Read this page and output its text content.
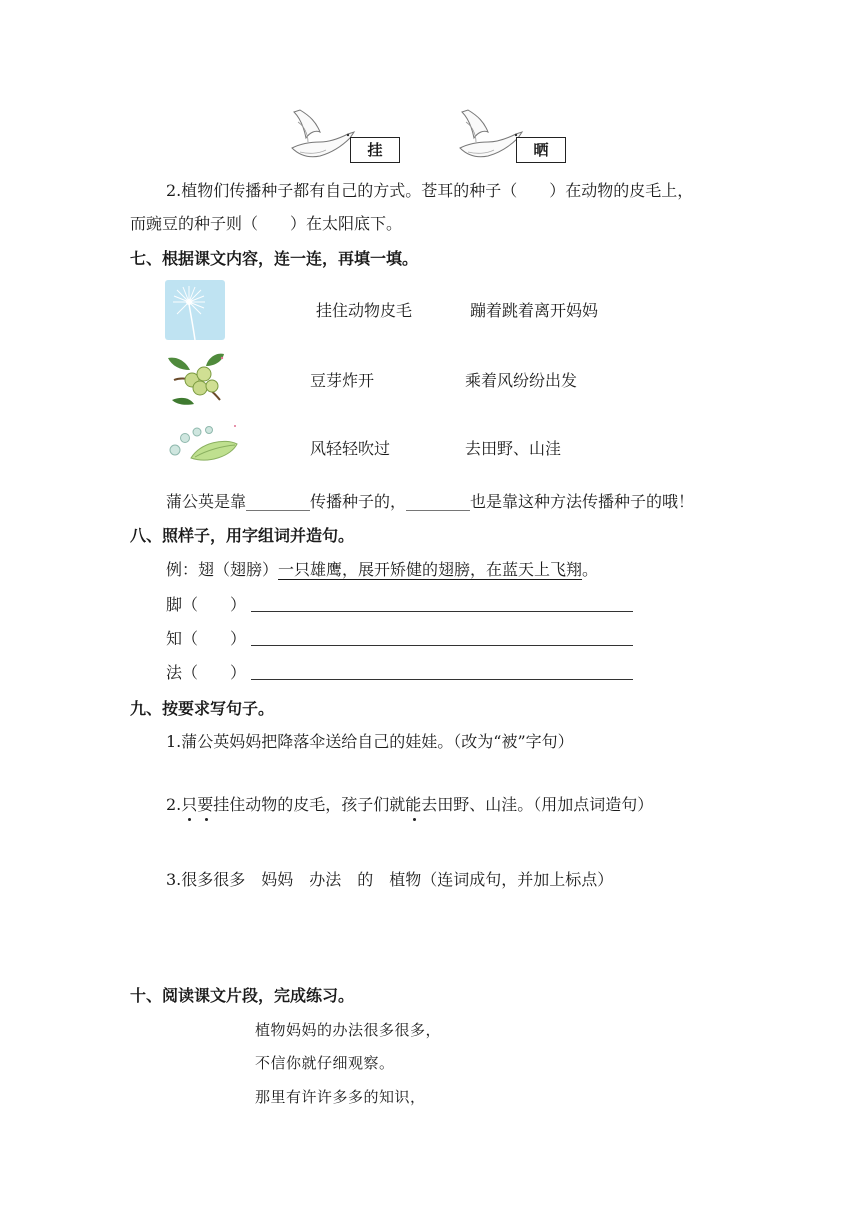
挂	晒
2.植物们传播种子都有自己的方式。苍耳的种子（　　）在动物的皮毛上，
而豌豆的种子则（　　）在太阳底下。
七、根据课文内容，连一连，再填一填。
挂住动物皮毛	蹦着跳着离开妈妈
豆芽炸开	乘着风纷纷出发
风轻轻吹过	去田野、山洼
蒲公英是靠________传播种子的，________也是靠这种方法传播种子的哦！
八、照样子，用字组词并造句。
例：翅（翅膀）一只雄鹰，展开矫健的翅膀，在蓝天上飞翔。
脚（　　）
知（　　）
法（　　）
九、按要求写句子。
1.蒲公英妈妈把降落伞送给自己的娃娃。（改为“被”字句）
2.只要挂住动物的皮毛，孩子们就能去田野、山洼。（用加点词造句）
3.很多很多　妈妈　办法　的　植物（连词成句，并加上标点）
十、阅读课文片段，完成练习。
植物妈妈的办法很多很多，
不信你就仔细观察。
那里有许许多多的知识，
